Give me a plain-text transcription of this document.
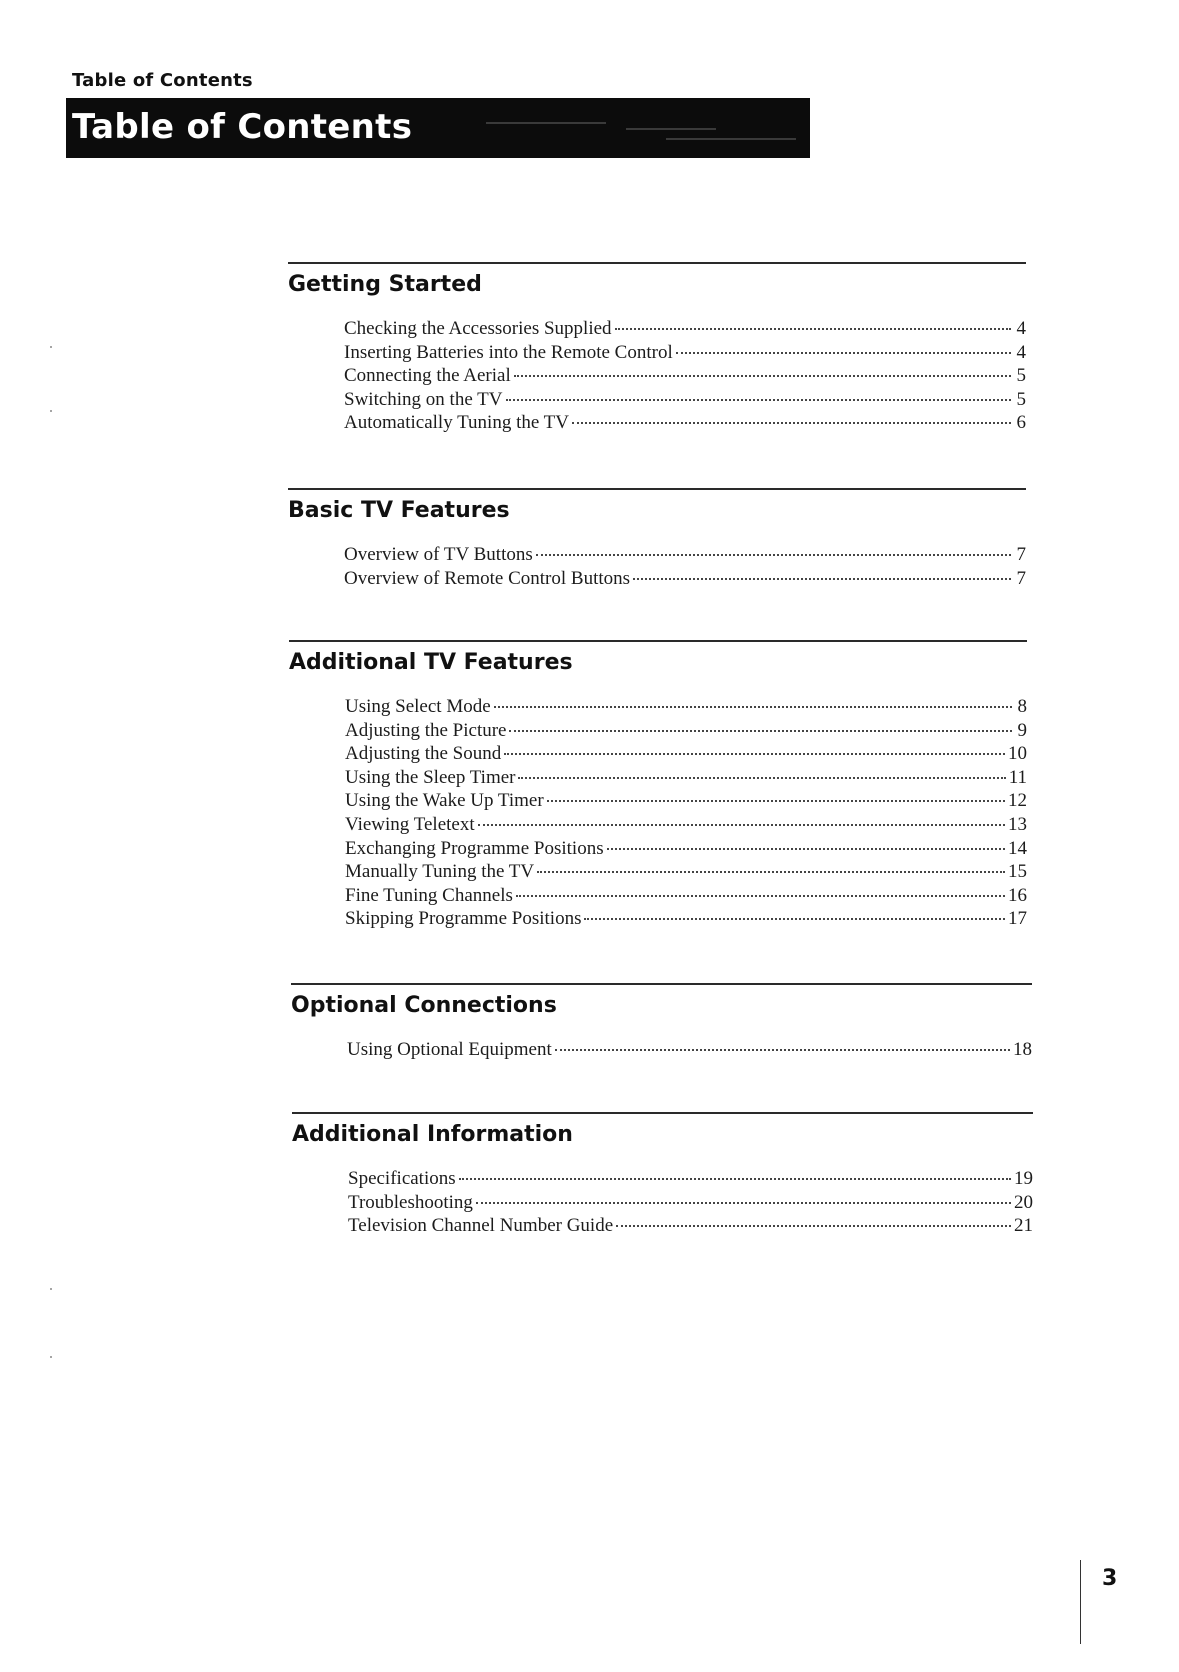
Table of Contents
Table of Contents
Getting Started
Checking the Accessories Supplied	4
Inserting Batteries into the Remote Control	4
Connecting the Aerial	5
Switching on the TV	5
Automatically Tuning the TV	6
Basic TV Features
Overview of TV Buttons	7
Overview of Remote Control Buttons	7
Additional TV Features
Using Select Mode	8
Adjusting the Picture	9
Adjusting the Sound	10
Using the Sleep Timer	11
Using the Wake Up Timer	12
Viewing Teletext	13
Exchanging Programme Positions	14
Manually Tuning the TV	15
Fine Tuning Channels	16
Skipping Programme Positions	17
Optional Connections
Using Optional Equipment	18
Additional Information
Specifications	19
Troubleshooting	20
Television Channel Number Guide	21
3
